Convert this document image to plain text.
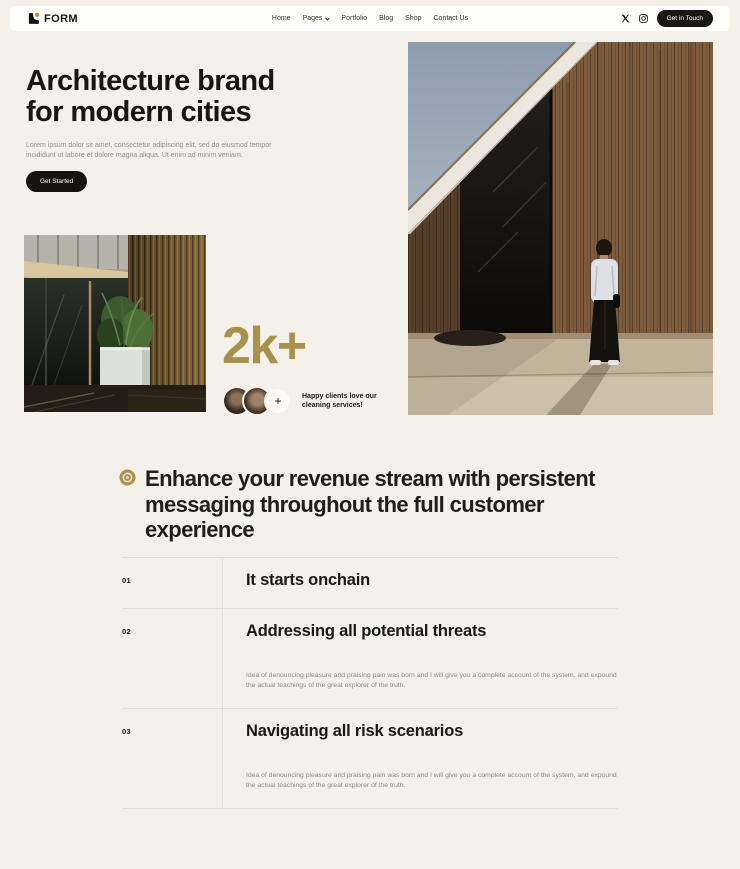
FORM	Home Pages	Portfolio Blog Shop Contact Us	Get in Touch
Architecture brand
for modern cities

Lorem ipsum dolor sit amet, consectetur adipiscing elit, sed do eiusmod tempor incididunt ut labore et dolore magna aliqua. Ut enim ad minim veniam.

Get Started
2k+
+	Happy clients love our cleaning services!
Enhance your revenue stream with persistent messaging throughout the full customer experience
01	It starts onchain
02	Addressing all potential threats

Idea of denouncing pleasure and praising pain was born and I will give you a complete account of the system, and expound the actual teachings of the great explorer of the truth.

03	Navigating all risk scenarios

Idea of denouncing pleasure and praising pain was born and I will give you a complete account of the system, and expound the actual teachings of the great explorer of the truth.
